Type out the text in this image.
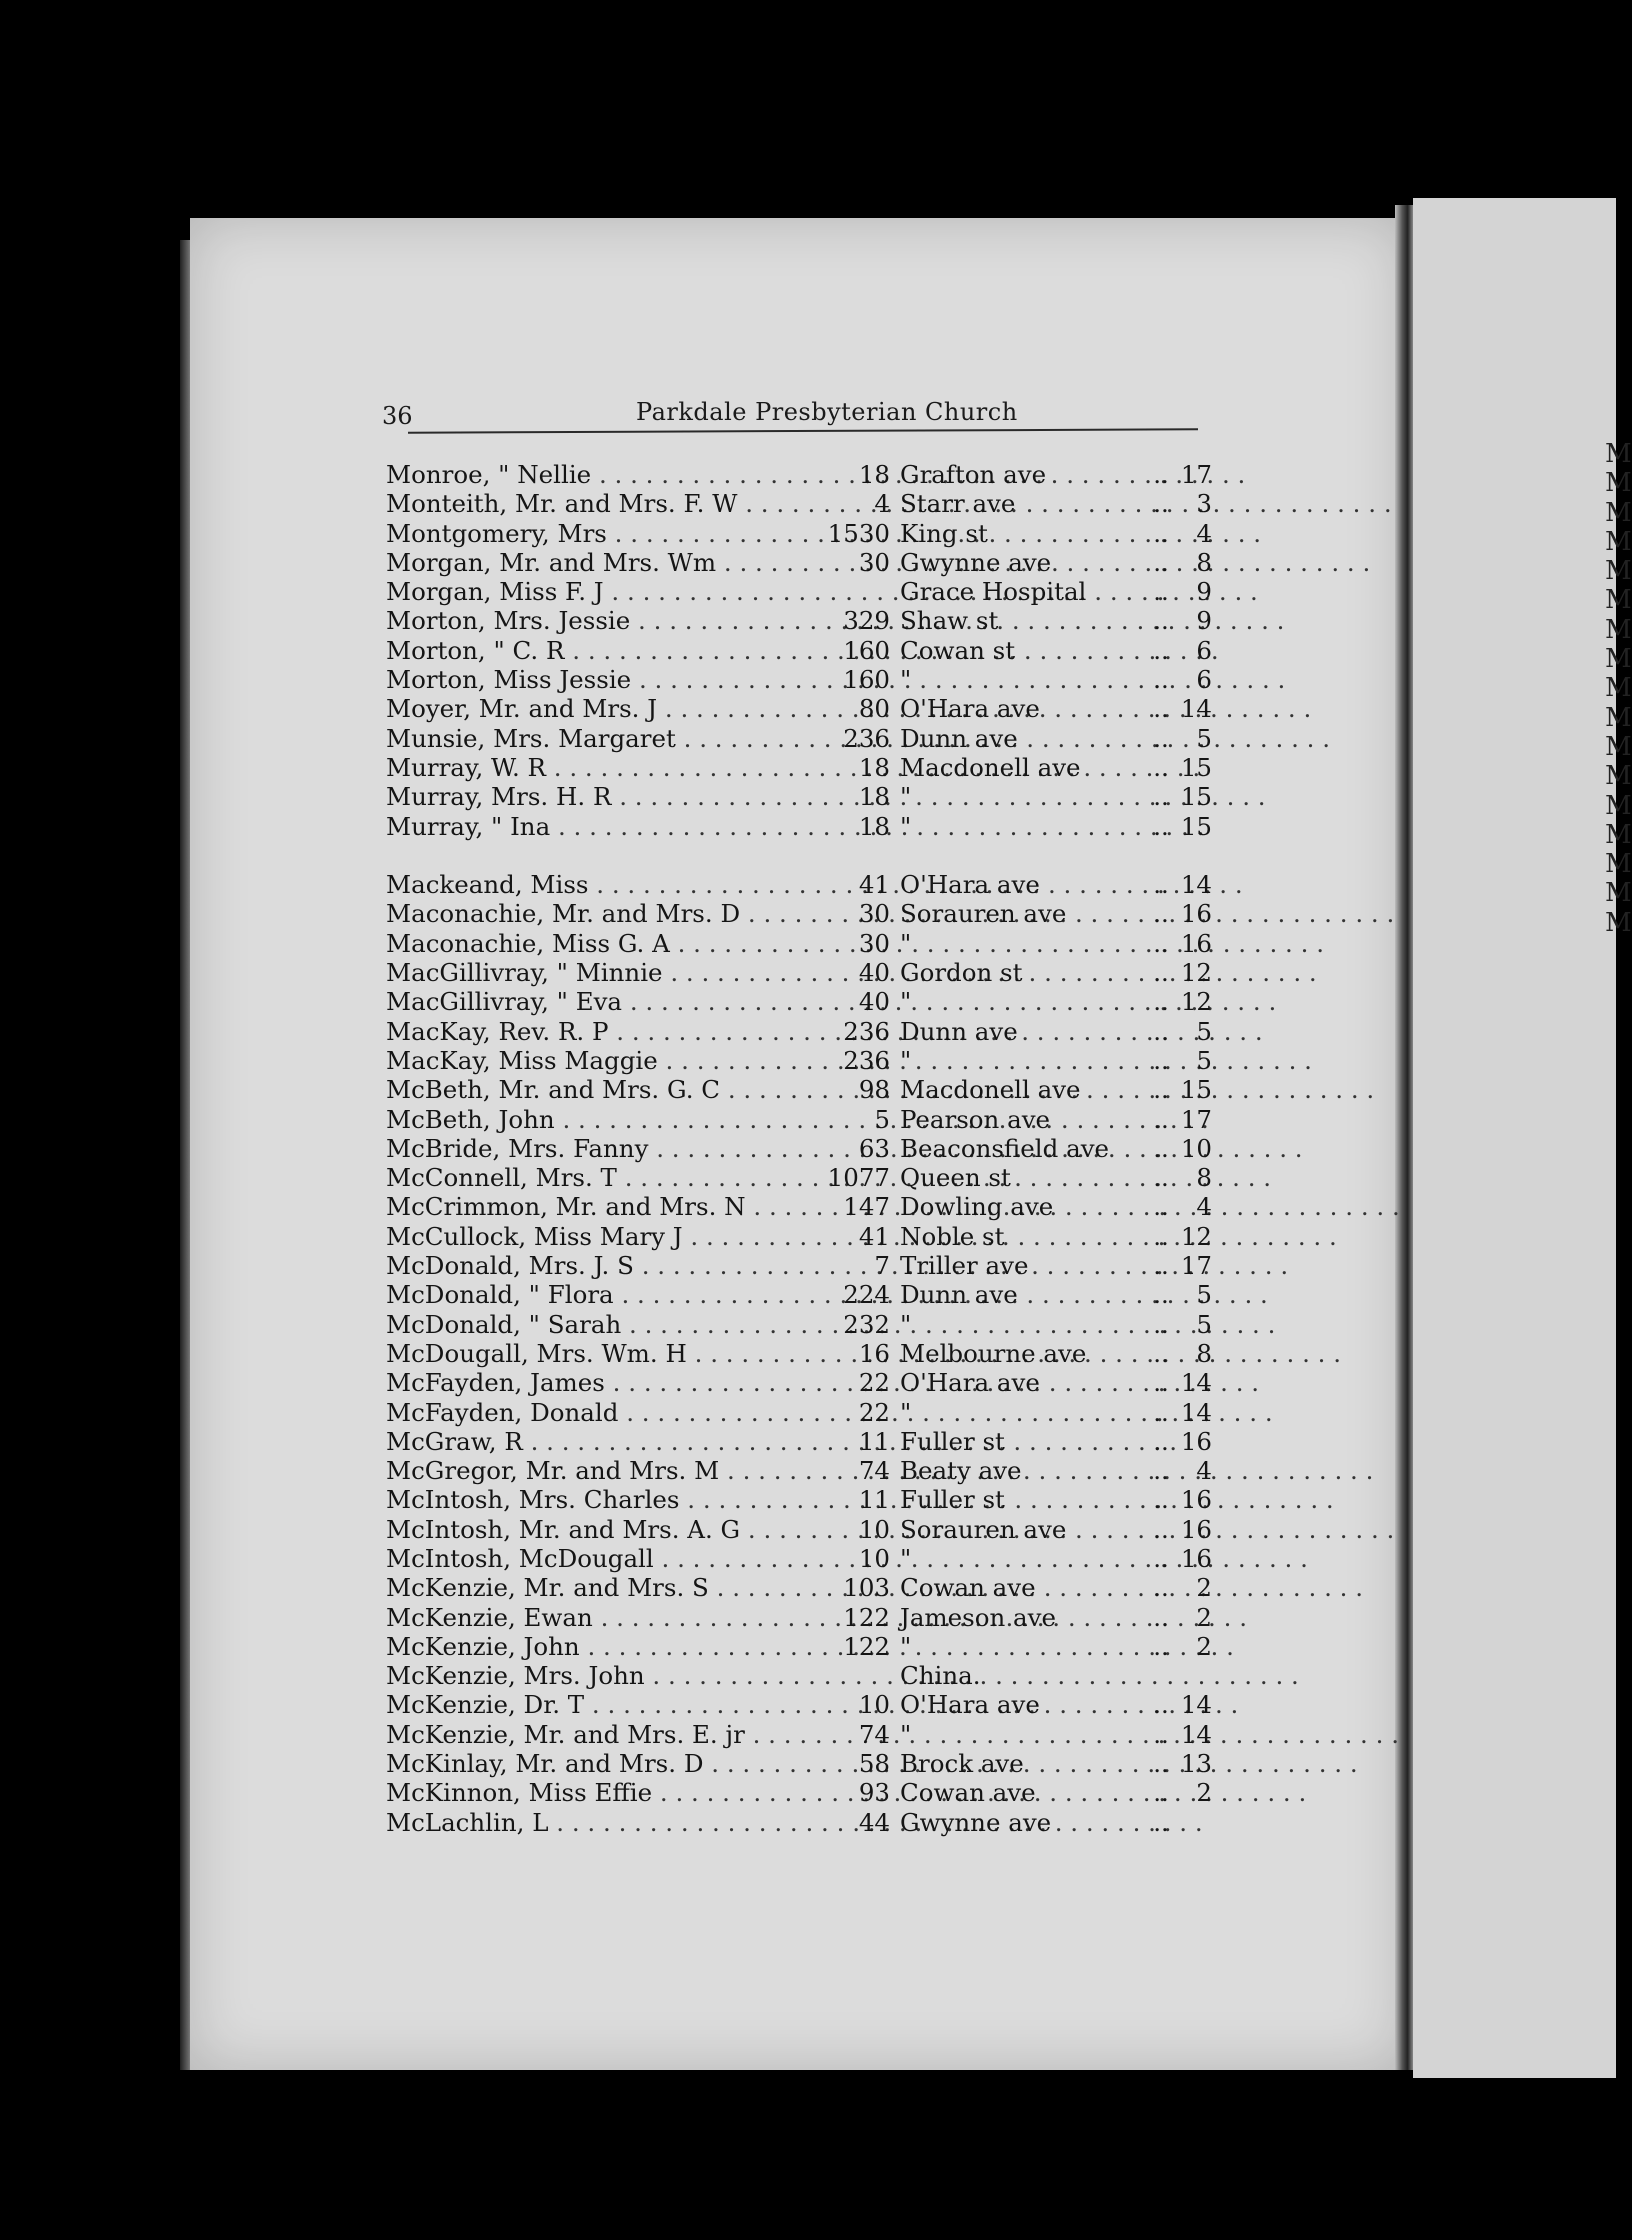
M
M
M
M
M
M
M
M
M
M
M
M
M
M
M
M
M
36	Parkdale Presbyterian Church
Monroe, " Nellie . . .	18 Grafton ave	.. 17
Monteith, Mr. and Mrs. F. W . . .	4 Starr ave	..	3
Montgomery, Mrs . . .	1530 King st	..	4
Morgan, Mr. and Mrs. Wm . . .	30 Gwynne ave	..	8
Morgan, Miss F. J . . .	Grace Hospital	..	9
Morton, Mrs. Jessie . . .	329 Shaw st	..	9
Morton, " C. R . . .	160 Cowan st	..	6
Morton, Miss Jessie . . .	160 "	..	6
Moyer, Mr. and Mrs. J . . .	80 O'Hara ave	.. 14
Munsie, Mrs. Margaret . . .	236 Dunn ave	..	5
Murray, W. R . . .	18 Macdonell ave	.. 15
Murray, Mrs. H. R . . .	18 "	.. 15
Murray, " Ina . . .	18 "	.. 15
Mackeand, Miss . . .	41 O'Hara ave	.. 14
Maconachie, Mr. and Mrs. D . . .	30 Sorauren ave	.. 16
Maconachie, Miss G. A . . .	30 "	.. 16
MacGillivray, " Minnie . . .	40 Gordon st	.. 12
MacGillivray, " Eva . . .	40 "	.. 12
MacKay, Rev. R. P . . .	236 Dunn ave	..	5
MacKay, Miss Maggie . . .	236 "	..	5
McBeth, Mr. and Mrs. G. C . . .	98 Macdonell ave	.. 15
McBeth, John . . .	5 Pearson ave	.. 17
McBride, Mrs. Fanny . . .	63 Beaconsfield ave .. 10
McConnell, Mrs. T . . .	1077 Queen st	..	8
McCrimmon, Mr. and Mrs. N . . .	147 Dowling ave	..	4
McCullock, Miss Mary J . . .	41 Noble st	.. 12
McDonald, Mrs. J. S . . .	7 Triller ave	.. 17
McDonald, " Flora . . .	224 Dunn ave	..	5
McDonald, " Sarah . . .	232 "	..	5
McDougall, Mrs. Wm. H . . .	16 Melbourne ave	..	8
McFayden, James . . .	22 O'Hara ave	.. 14
McFayden, Donald . . .	22 "	.. 14
McGraw, R . . .	11 Fuller st	.. 16
McGregor, Mr. and Mrs. M . . .	74 Beaty ave	..	4
McIntosh, Mrs. Charles . . .	11 Fuller st	.. 16
McIntosh, Mr. and Mrs. A. G . . .	10 Sorauren ave	.. 16
McIntosh, McDougall . . .	10 "	.. 16
McKenzie, Mr. and Mrs. S . . .	103 Cowan ave	..	2
McKenzie, Ewan . . .	122 Jameson ave	..	2
McKenzie, John . . .	122 "	..	2
McKenzie, Mrs. John . . .	China.
McKenzie, Dr. T . . .	10 O'Hara ave	.. 14
McKenzie, Mr. and Mrs. E. jr . . .	74 "	.. 14
McKinlay, Mr. and Mrs. D . . .	58 Brock ave	.. 13
McKinnon, Miss Effie . . .	93 Cowan ave	..	2
McLachlin, L . . .	44 Gwynne ave	..
